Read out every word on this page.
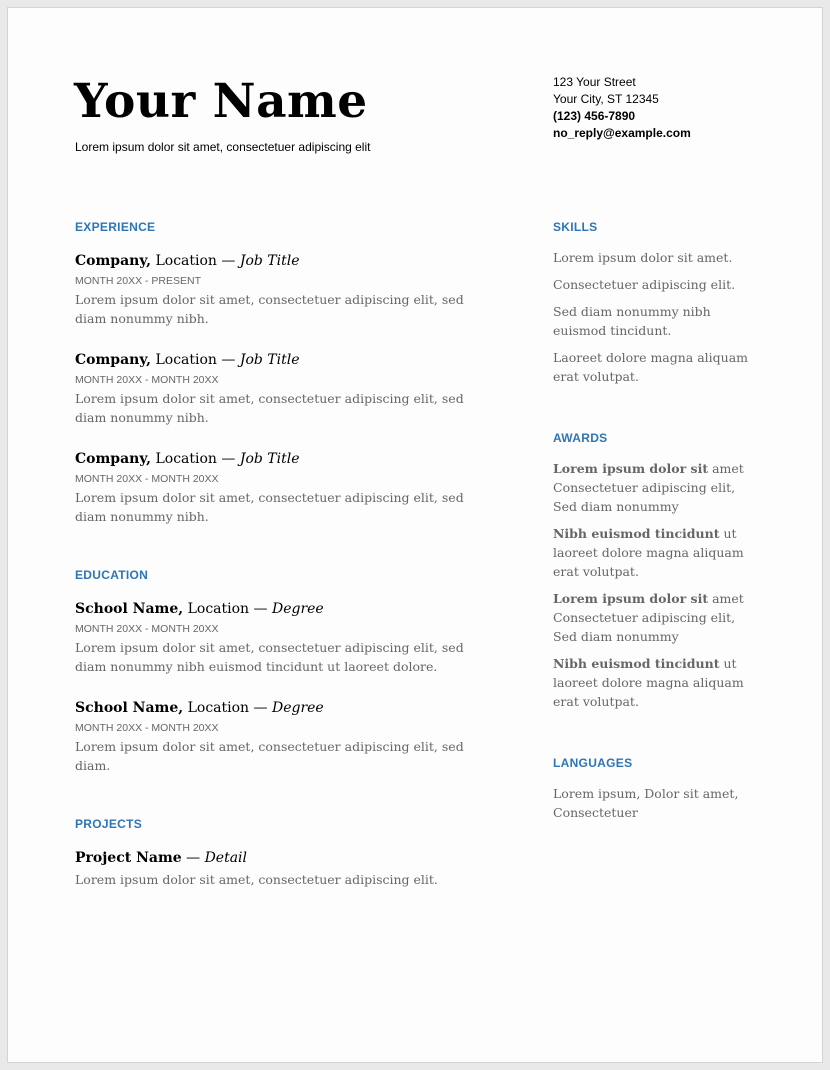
Your Name
Lorem ipsum dolor sit amet, consectetuer adipiscing elit
123 Your Street
Your City, ST 12345
(123) 456-7890
no_reply@example.com
EXPERIENCE
Company, Location — Job Title
MONTH 20XX - PRESENT
Lorem ipsum dolor sit amet, consectetuer adipiscing elit, sed diam nonummy nibh.
Company, Location — Job Title
MONTH 20XX - MONTH 20XX
Lorem ipsum dolor sit amet, consectetuer adipiscing elit, sed diam nonummy nibh.
Company, Location — Job Title
MONTH 20XX - MONTH 20XX
Lorem ipsum dolor sit amet, consectetuer adipiscing elit, sed diam nonummy nibh.
EDUCATION
School Name, Location — Degree
MONTH 20XX - MONTH 20XX
Lorem ipsum dolor sit amet, consectetuer adipiscing elit, sed diam nonummy nibh euismod tincidunt ut laoreet dolore.
School Name, Location — Degree
MONTH 20XX - MONTH 20XX
Lorem ipsum dolor sit amet, consectetuer adipiscing elit, sed diam.
PROJECTS
Project Name — Detail
Lorem ipsum dolor sit amet, consectetuer adipiscing elit.
SKILLS
Lorem ipsum dolor sit amet.
Consectetuer adipiscing elit.
Sed diam nonummy nibh euismod tincidunt.
Laoreet dolore magna aliquam erat volutpat.
AWARDS
Lorem ipsum dolor sit amet Consectetuer adipiscing elit, Sed diam nonummy
Nibh euismod tincidunt ut laoreet dolore magna aliquam erat volutpat.
Lorem ipsum dolor sit amet Consectetuer adipiscing elit, Sed diam nonummy
Nibh euismod tincidunt ut laoreet dolore magna aliquam erat volutpat.
LANGUAGES
Lorem ipsum, Dolor sit amet, Consectetuer
